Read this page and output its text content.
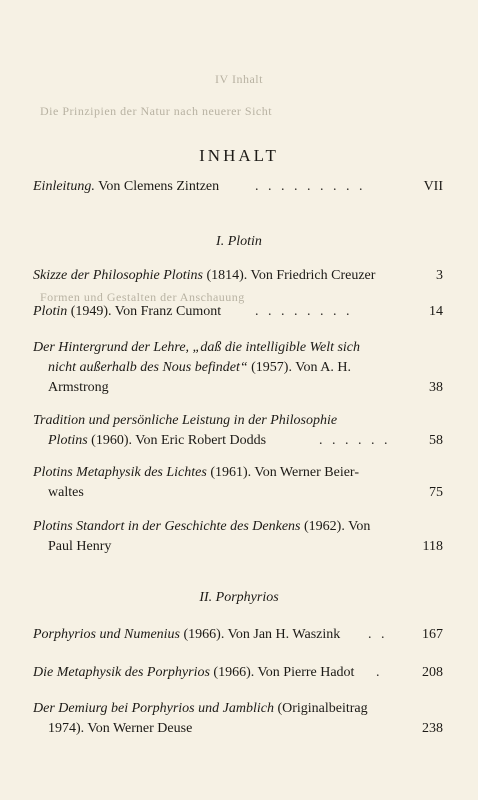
IV Inhalt
Die Prinzipien der Natur nach neuerer Sicht
Formen und Gestalten der Anschauung
INHALT
Einleitung. Von Clemens Zintzen	. . . . . . . . .	VII
I. Plotin
Skizze der Philosophie Plotins (1814). Von Friedrich Creuzer	3
Plotin (1949). Von Franz Cumont . . . . . . . .	14
Der Hintergrund der Lehre, „daß die intelligible Welt sich
nicht außerhalb des Nous befindet“ (1957). Von A. H.
Armstrong	38
Tradition und persönliche Leistung in der Philosophie
Plotins (1960). Von Eric Robert Dodds	. . . . . .	58
Plotins Metaphysik des Lichtes (1961). Von Werner Beier-
waltes	75
Plotins Standort in der Geschichte des Denkens (1962). Von
Paul Henry	118
II. Porphyrios
Porphyrios und Numenius (1966). Von Jan H. Waszink . . 167
Die Metaphysik des Porphyrios (1966). Von Pierre Hadot .	208
Der Demiurg bei Porphyrios und Jamblich (Originalbeitrag
1974). Von Werner Deuse	238
